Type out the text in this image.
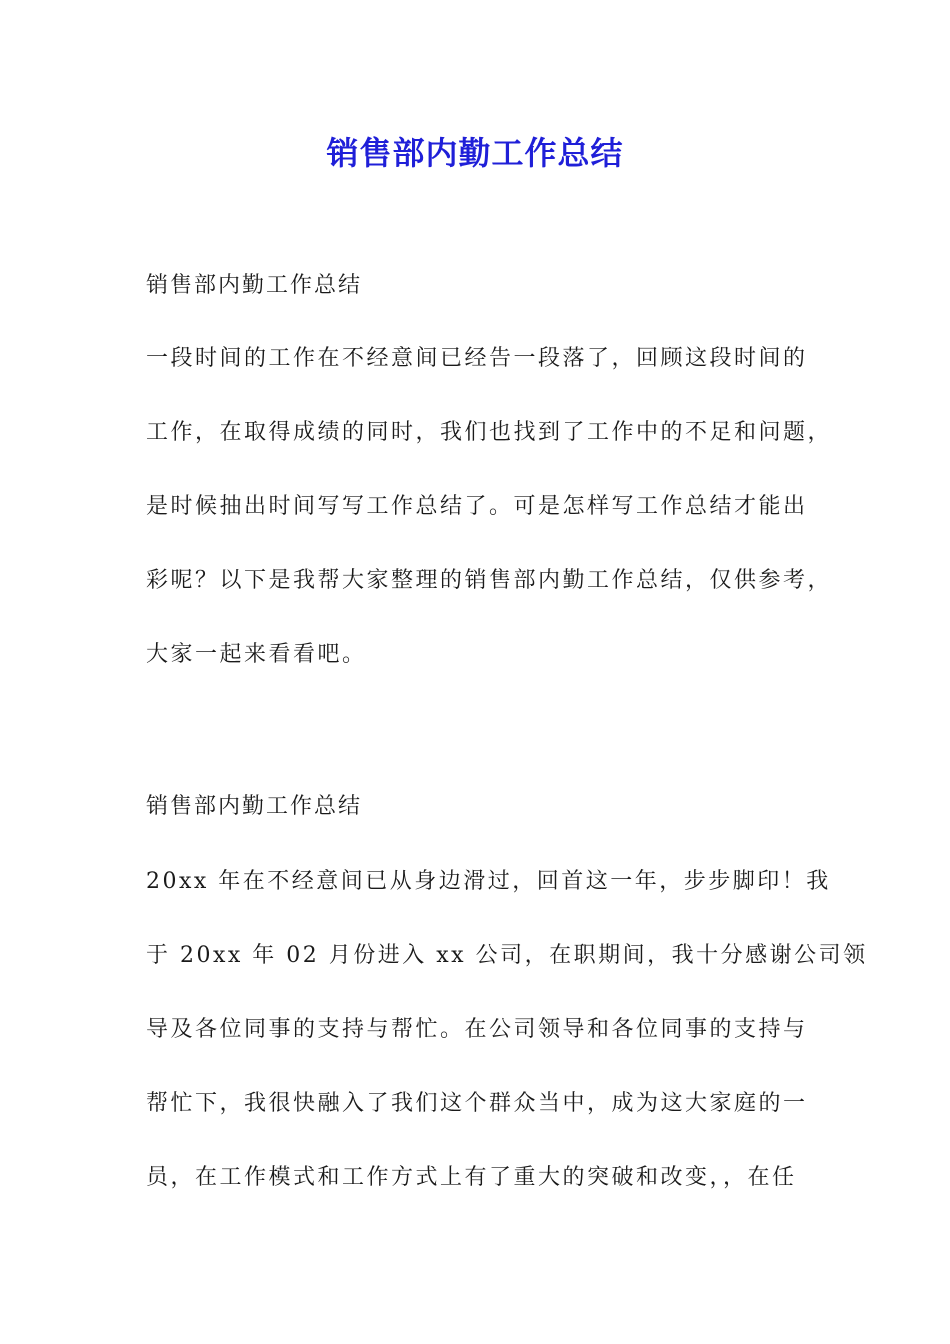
销售部内勤工作总结
销售部内勤工作总结
一段时间的工作在不经意间已经告一段落了，回顾这段时间的
工作，在取得成绩的同时，我们也找到了工作中的不足和问题，
是时候抽出时间写写工作总结了。可是怎样写工作总结才能出
彩呢？以下是我帮大家整理的销售部内勤工作总结，仅供参考，
大家一起来看看吧。
销售部内勤工作总结
20xx 年在不经意间已从身边滑过，回首这一年，步步脚印！我
于 20xx 年 02 月份进入 xx 公司，在职期间，我十分感谢公司领
导及各位同事的支持与帮忙。在公司领导和各位同事的支持与
帮忙下，我很快融入了我们这个群众当中，成为这大家庭的一
员，在工作模式和工作方式上有了重大的突破和改变，，在任
